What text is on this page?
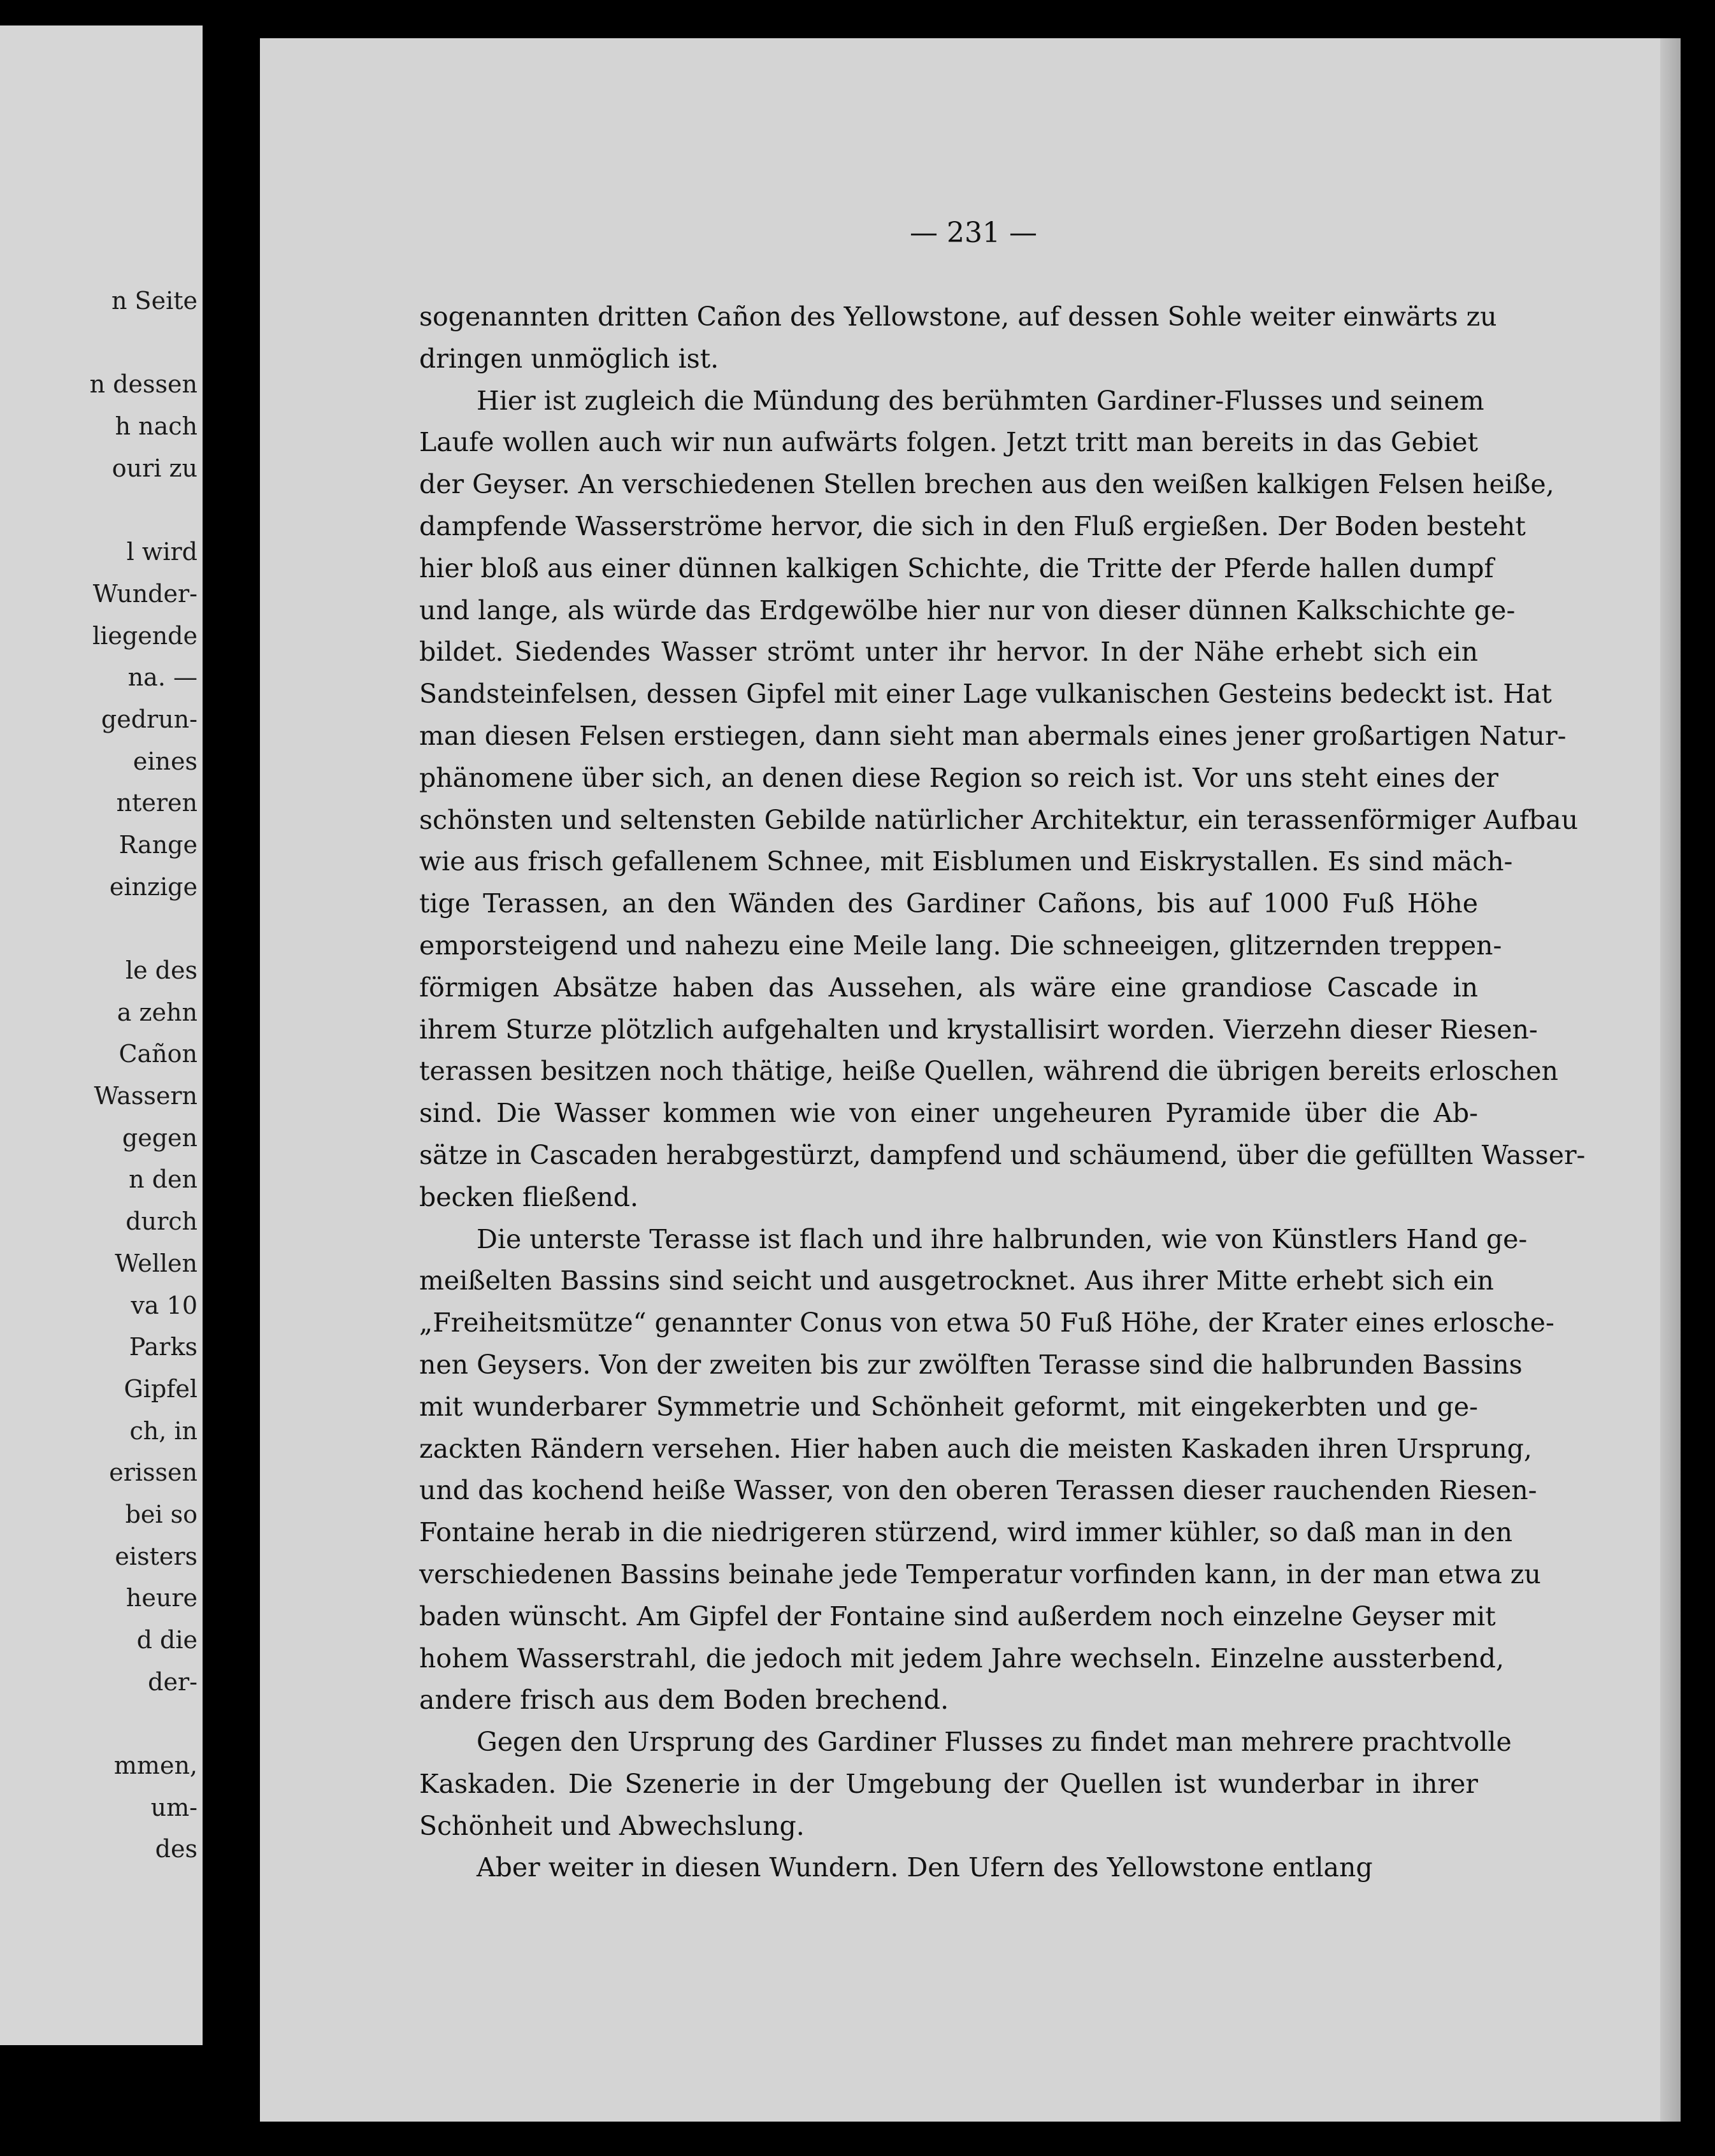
n Seite
n dessen
h nach
ouri zu
l wird
Wunder-
liegende
na. —
gedrun-
eines
nteren
Range
einzige
le des
a zehn
Cañon
Wassern
gegen
n den
durch
Wellen
va 10
Parks
Gipfel
ch, in
erissen
bei so
eisters
heure
d die
der-
mmen,
um-
des
— 231 —
sogenannten dritten Cañon des Yellowstone, auf dessen Sohle weiter einwärts zu
dringen unmöglich ist.
Hier ist zugleich die Mündung des berühmten Gardiner-Flusses und seinem
Laufe wollen auch wir nun aufwärts folgen. Jetzt tritt man bereits in das Gebiet
der Geyser. An verschiedenen Stellen brechen aus den weißen kalkigen Felsen heiße,
dampfende Wasserströme hervor, die sich in den Fluß ergießen. Der Boden besteht
hier bloß aus einer dünnen kalkigen Schichte, die Tritte der Pferde hallen dumpf
und lange, als würde das Erdgewölbe hier nur von dieser dünnen Kalkschichte ge-
bildet. Siedendes Wasser strömt unter ihr hervor. In der Nähe erhebt sich ein
Sandsteinfelsen, dessen Gipfel mit einer Lage vulkanischen Gesteins bedeckt ist. Hat
man diesen Felsen erstiegen, dann sieht man abermals eines jener großartigen Natur-
phänomene über sich, an denen diese Region so reich ist. Vor uns steht eines der
schönsten und seltensten Gebilde natürlicher Architektur, ein terassenförmiger Aufbau
wie aus frisch gefallenem Schnee, mit Eisblumen und Eiskrystallen. Es sind mäch-
tige Terassen, an den Wänden des Gardiner Cañons, bis auf 1000 Fuß Höhe
emporsteigend und nahezu eine Meile lang. Die schneeigen, glitzernden treppen-
förmigen Absätze haben das Aussehen, als wäre eine grandiose Cascade in
ihrem Sturze plötzlich aufgehalten und krystallisirt worden. Vierzehn dieser Riesen-
terassen besitzen noch thätige, heiße Quellen, während die übrigen bereits erloschen
sind. Die Wasser kommen wie von einer ungeheuren Pyramide über die Ab-
sätze in Cascaden herabgestürzt, dampfend und schäumend, über die gefüllten Wasser-
becken fließend.
Die unterste Terasse ist flach und ihre halbrunden, wie von Künstlers Hand ge-
meißelten Bassins sind seicht und ausgetrocknet. Aus ihrer Mitte erhebt sich ein
„Freiheitsmütze“ genannter Conus von etwa 50 Fuß Höhe, der Krater eines erlosche-
nen Geysers. Von der zweiten bis zur zwölften Terasse sind die halbrunden Bassins
mit wunderbarer Symmetrie und Schönheit geformt, mit eingekerbten und ge-
zackten Rändern versehen. Hier haben auch die meisten Kaskaden ihren Ursprung,
und das kochend heiße Wasser, von den oberen Terassen dieser rauchenden Riesen-
Fontaine herab in die niedrigeren stürzend, wird immer kühler, so daß man in den
verschiedenen Bassins beinahe jede Temperatur vorfinden kann, in der man etwa zu
baden wünscht. Am Gipfel der Fontaine sind außerdem noch einzelne Geyser mit
hohem Wasserstrahl, die jedoch mit jedem Jahre wechseln. Einzelne aussterbend,
andere frisch aus dem Boden brechend.
Gegen den Ursprung des Gardiner Flusses zu findet man mehrere prachtvolle
Kaskaden. Die Szenerie in der Umgebung der Quellen ist wunderbar in ihrer
Schönheit und Abwechslung.
Aber weiter in diesen Wundern. Den Ufern des Yellowstone entlang
